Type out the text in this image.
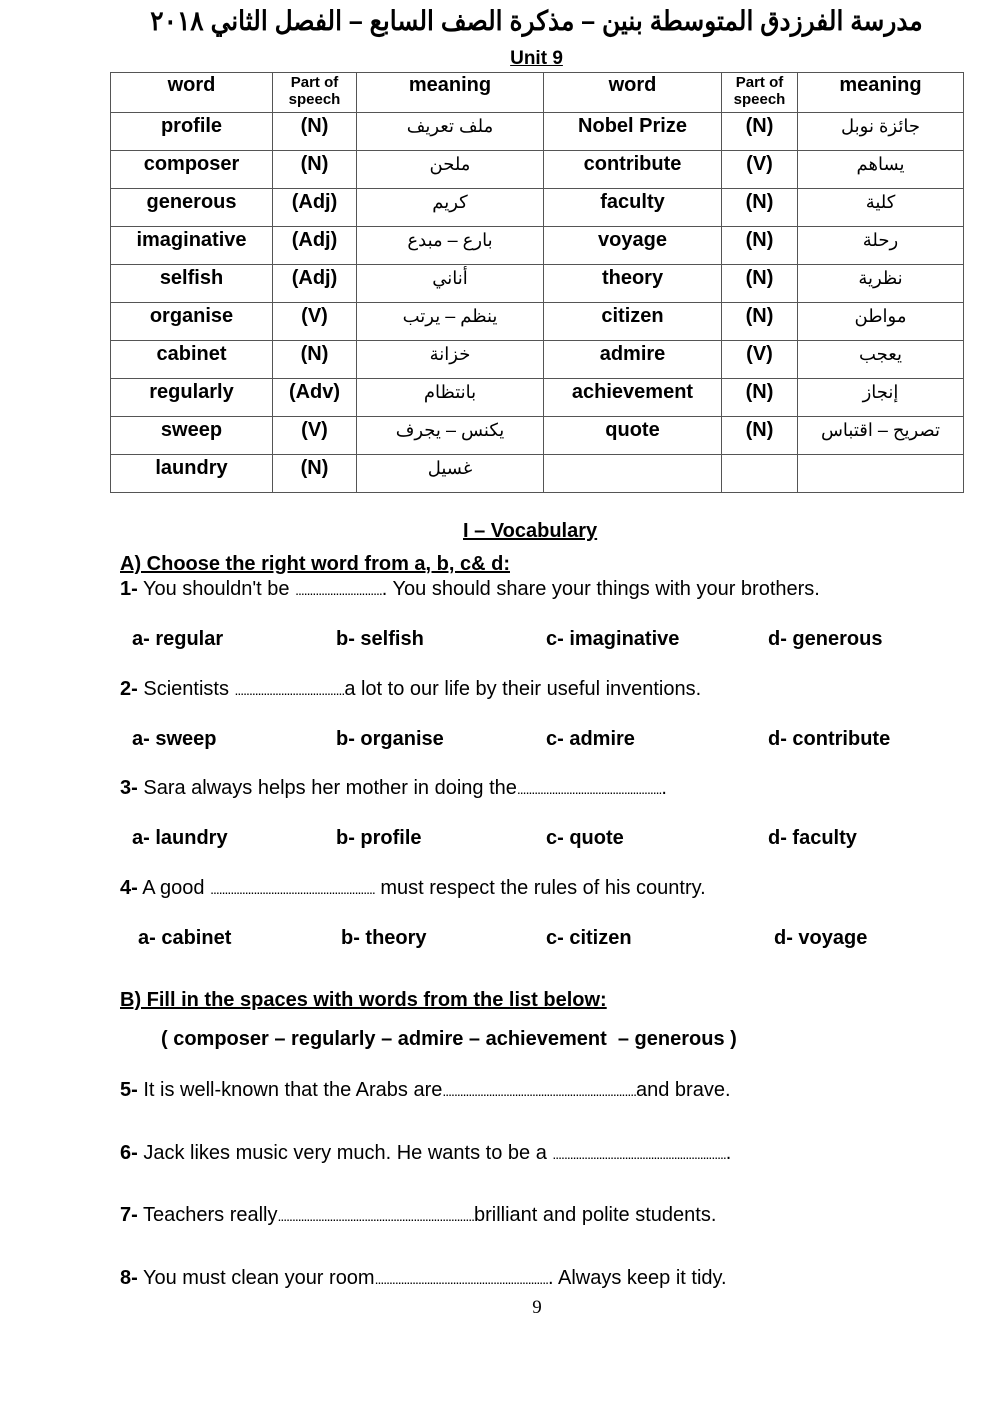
مدرسة الفرزدق المتوسطة بنين – مذكرة الصف السابع – الفصل الثاني ٢٠١٨
Unit 9
word	Part of speech	meaning	word	Part of speech	meaning
profile	(N)	ملف تعريف	Nobel Prize	(N)	جائزة نوبل
composer	(N)	ملحن	contribute	(V)	يساهم
generous	(Adj)	كريم	faculty	(N)	كلية
imaginative	(Adj)	بارع – مبدع	voyage	(N)	رحلة
selfish	(Adj)	أناني	theory	(N)	نظرية
organise	(V)	ينظم – يرتب	citizen	(N)	مواطن
cabinet	(N)	خزانة	admire	(V)	يعجب
regularly	(Adv)	بانتظام	achievement	(N)	إنجاز
sweep	(V)	يكنس – يجرف	quote	(N)	تصريح – اقتباس
laundry	(N)	غسيل			
I – Vocabulary
A) Choose the right word from a, b, c& d:
1- You shouldn't be ............................... You should share your things with your brothers.
a- regular	b- selfish	c- imaginative	d- generous
2- Scientists ......................................a lot to our life by their useful inventions.
a- sweep	b- organise	c- admire	d- contribute
3- Sara always helps her mother in doing the...................................................
a- laundry	b- profile	c- quote	d- faculty
4- A good ......................................................... must respect the rules of his country.
a- cabinet	b- theory	c- citizen	d- voyage
B) Fill in the spaces with words from the list below:
( composer – regularly – admire – achievement  – generous )
5- It is well-known that the Arabs are...................................................................and brave.
6- Jack likes music very much. He wants to be a .............................................................
7- Teachers really....................................................................brilliant and polite students.
8- You must clean your room............................................................. Always keep it tidy.
9
